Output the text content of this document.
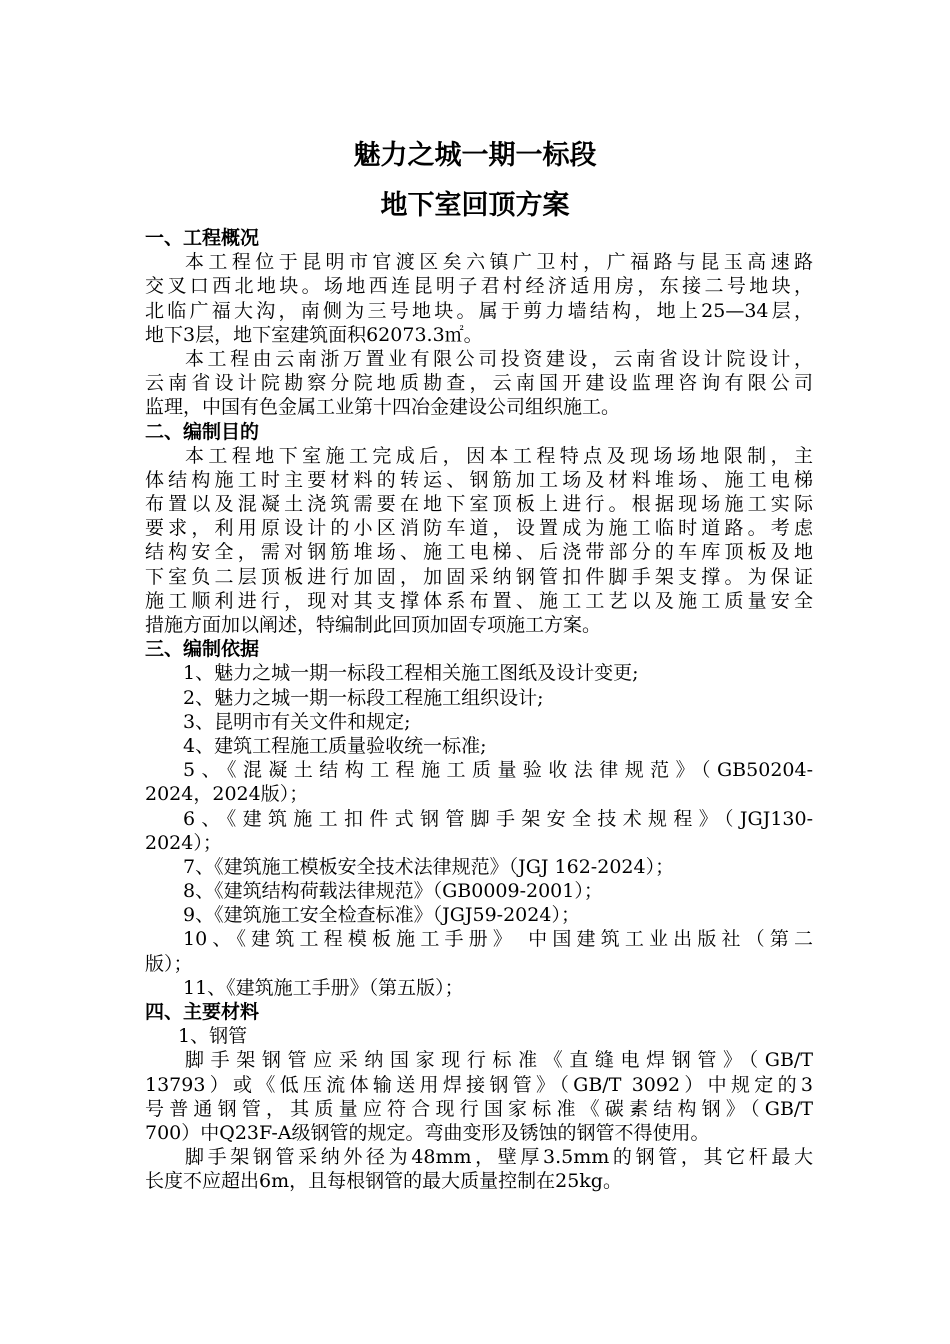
魅力之城一期一标段
地下室回顶方案
一、工程概况
本工程位于昆明市官渡区矣六镇广卫村，广福路与昆玉高速路
交叉口西北地块。场地西连昆明子君村经济适用房，东接二号地块，
北临广福大沟，南侧为三号地块。属于剪力墙结构，地上25—34层，
地下3层，地下室建筑面积62073.3㎡。
本工程由云南浙万置业有限公司投资建设，云南省设计院设计，
云南省设计院勘察分院地质勘查，云南国开建设监理咨询有限公司
监理，中国有色金属工业第十四冶金建设公司组织施工。
二、编制目的
本工程地下室施工完成后，因本工程特点及现场场地限制，主
体结构施工时主要材料的转运、钢筋加工场及材料堆场、施工电梯
布置以及混凝土浇筑需要在地下室顶板上进行。根据现场施工实际
要求，利用原设计的小区消防车道，设置成为施工临时道路。考虑
结构安全，需对钢筋堆场、施工电梯、后浇带部分的车库顶板及地
下室负二层顶板进行加固，加固采纳钢管扣件脚手架支撑。为保证
施工顺利进行，现对其支撑体系布置、施工工艺以及施工质量安全
措施方面加以阐述，特编制此回顶加固专项施工方案。
三、编制依据
1、魅力之城一期一标段工程相关施工图纸及设计变更;
2、魅力之城一期一标段工程施工组织设计;
3、昆明市有关文件和规定;
4、建筑工程施工质量验收统一标准;
5、《混凝土结构工程施工质量验收法律规范》（GB50204-
2024，2024版）；
6、《建筑施工扣件式钢管脚手架安全技术规程》（JGJ130-
2024）；
7、《建筑施工模板安全技术法律规范》（JGJ 162-2024）；
8、《建筑结构荷载法律规范》（GB0009-2001）；
9、《建筑施工安全检查标准》（JGJ59-2024）；
10、《建筑工程模板施工手册》 中国建筑工业出版社（第二
版）；
11、《建筑施工手册》（第五版）；
四、主要材料
1、钢管
脚手架钢管应采纳国家现行标准《直缝电焊钢管》（GB/T
13793）或《低压流体输送用焊接钢管》（GB/T 3092）中规定的3
号普通钢管，其质量应符合现行国家标准《碳素结构钢》（GB/T
700）中Q23F-A级钢管的规定。弯曲变形及锈蚀的钢管不得使用。
脚手架钢管采纳外径为48mm，壁厚3.5mm的钢管，其它杆最大
长度不应超出6m，且每根钢管的最大质量控制在25kg。
